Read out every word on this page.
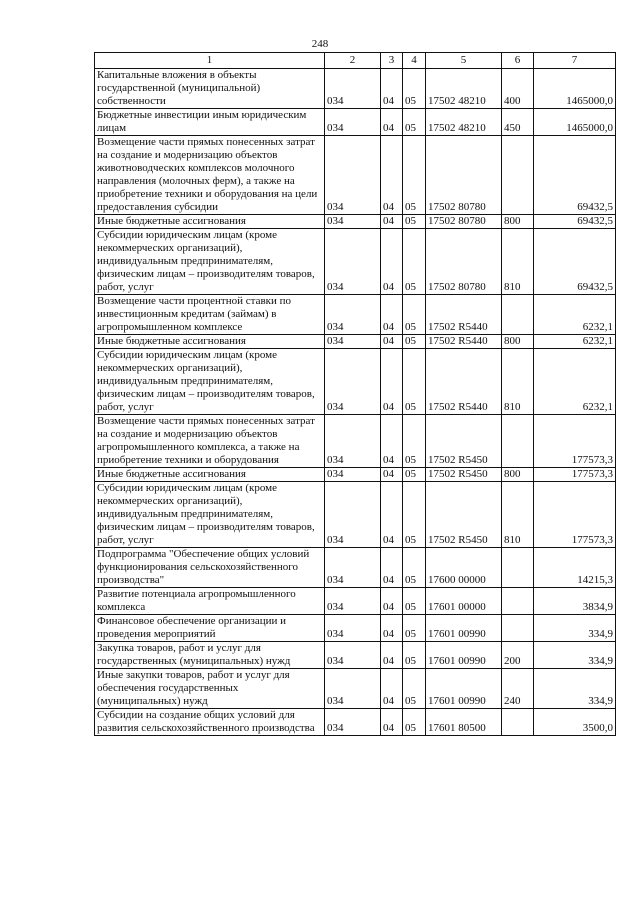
248
1	2	3	4	5	6	7
Капитальные вложения в объекты государственной (муниципальной) собственности	034	04	05	17502 48210	400	1465000,0
Бюджетные инвестиции иным юридическим лицам	034	04	05	17502 48210	450	1465000,0
Возмещение части прямых понесенных затрат на создание и модернизацию объектов животноводческих комплексов молочного направления (молочных ферм), а также на приобретение техники и оборудования на цели предоставления субсидии	034	04	05	17502 80780		69432,5
Иные бюджетные ассигнования	034	04	05	17502 80780	800	69432,5
Субсидии юридическим лицам (кроме некоммерческих организаций), индивидуальным предпринимателям, физическим лицам – производителям товаров, работ, услуг	034	04	05	17502 80780	810	69432,5
Возмещение части процентной ставки по инвестиционным кредитам (займам) в агропромышленном комплексе	034	04	05	17502 R5440		6232,1
Иные бюджетные ассигнования	034	04	05	17502 R5440	800	6232,1
Субсидии юридическим лицам (кроме некоммерческих организаций), индивидуальным предпринимателям, физическим лицам – производителям товаров, работ, услуг	034	04	05	17502 R5440	810	6232,1
Возмещение части прямых понесенных затрат на создание и модернизацию объектов агропромышленного комплекса, а также на приобретение техники и оборудования	034	04	05	17502 R5450		177573,3
Иные бюджетные ассигнования	034	04	05	17502 R5450	800	177573,3
Субсидии юридическим лицам (кроме некоммерческих организаций), индивидуальным предпринимателям, физическим лицам – производителям товаров, работ, услуг	034	04	05	17502 R5450	810	177573,3
Подпрограмма "Обеспечение общих условий функционирования сельскохозяйственного производства"	034	04	05	17600 00000		14215,3
Развитие потенциала агропромышленного комплекса	034	04	05	17601 00000		3834,9
Финансовое обеспечение организации и проведения мероприятий	034	04	05	17601 00990		334,9
Закупка товаров, работ и услуг для государственных (муниципальных) нужд	034	04	05	17601 00990	200	334,9
Иные закупки товаров, работ и услуг для обеспечения государственных (муниципальных) нужд	034	04	05	17601 00990	240	334,9
Субсидии на создание общих условий для развития сельскохозяйственного производства	034	04	05	17601 80500		3500,0
